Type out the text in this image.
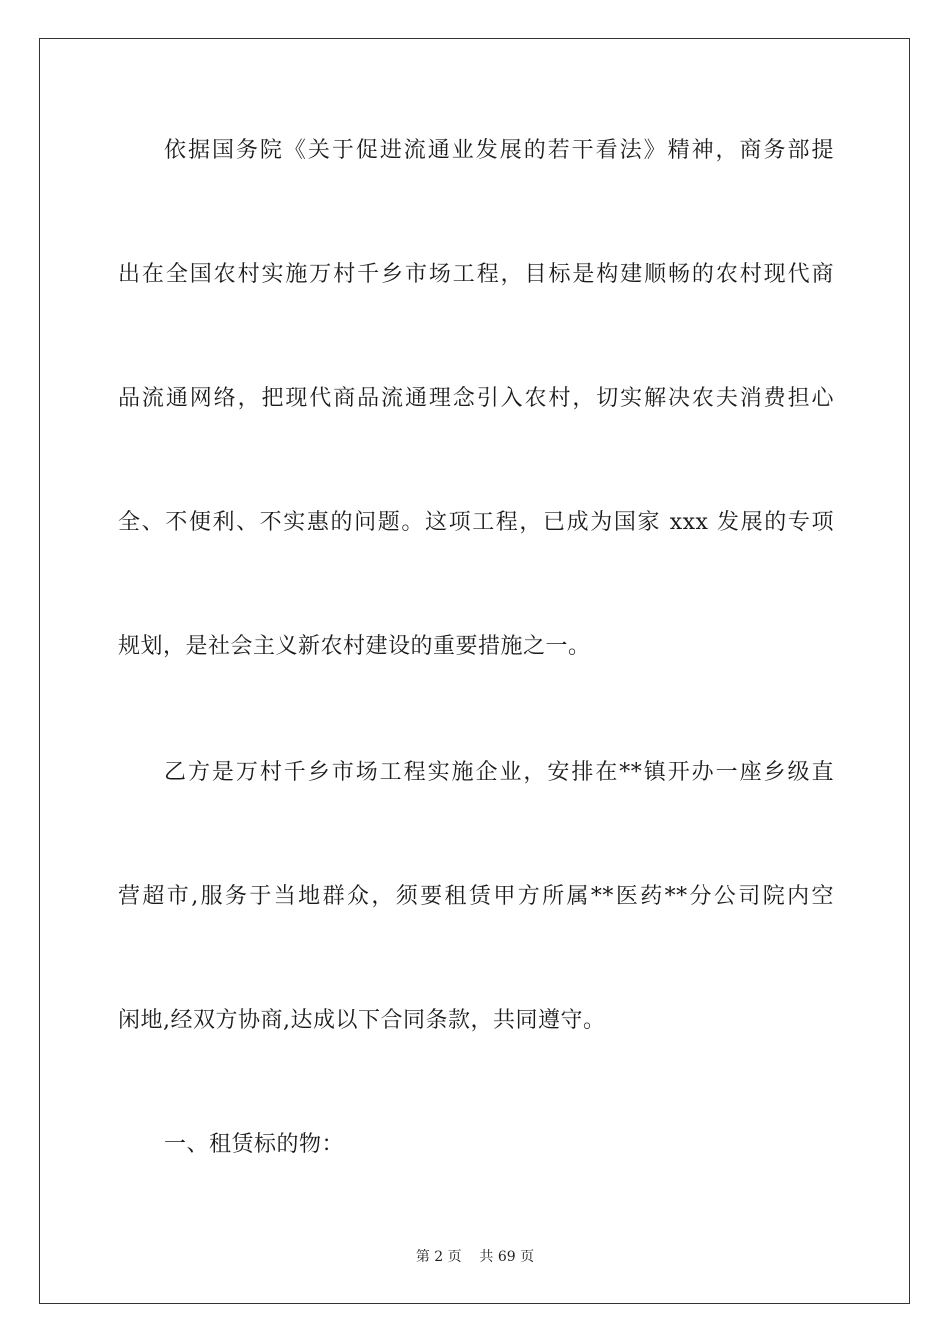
依据国务院《关于促进流通业发展的若干看法》精神，商务部提
出在全国农村实施万村千乡市场工程，目标是构建顺畅的农村现代商
品流通网络，把现代商品流通理念引入农村，切实解决农夫消费担心
全、不便利、不实惠的问题。这项工程，已成为国家 xxx 发展的专项
规划，是社会主义新农村建设的重要措施之一。
乙方是万村千乡市场工程实施企业，安排在**镇开办一座乡级直
营超市,服务于当地群众，须要租赁甲方所属**医药**分公司院内空
闲地,经双方协商,达成以下合同条款，共同遵守。
一、租赁标的物：
第 2 页    共 69 页
